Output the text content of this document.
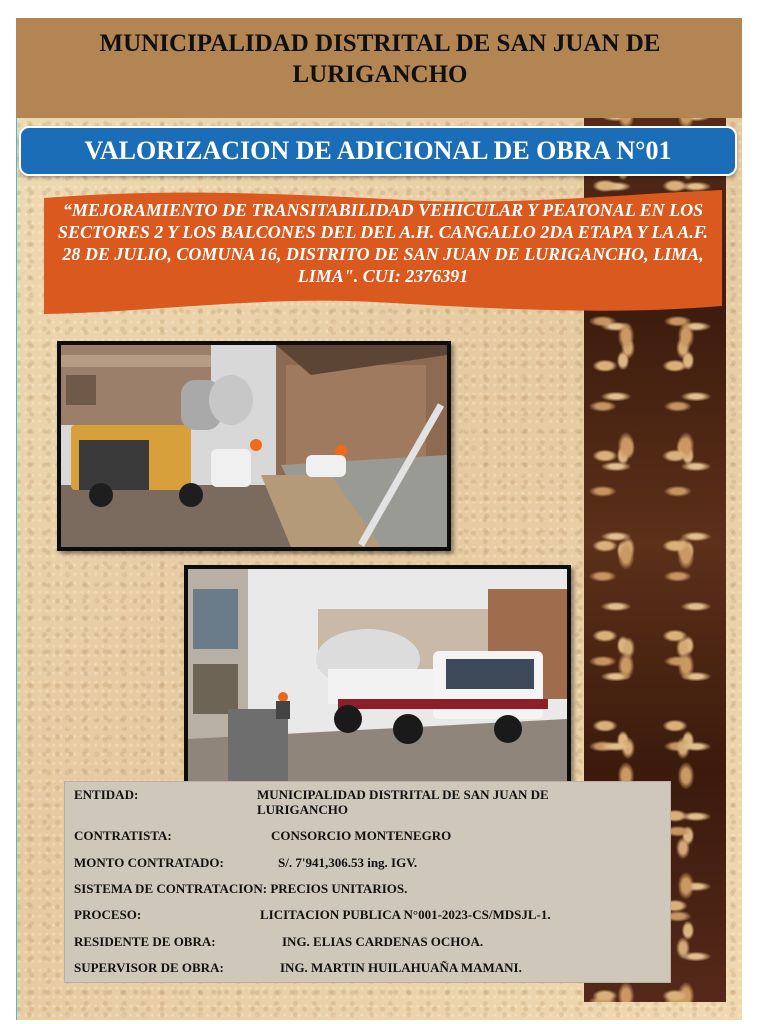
MUNICIPALIDAD DISTRITAL DE SAN JUAN DE LURIGANCHO
VALORIZACION DE ADICIONAL DE OBRA N°01
“MEJORAMIENTO DE TRANSITABILIDAD VEHICULAR Y PEATONAL EN LOS SECTORES 2 Y LOS BALCONES DEL DEL A.H. CANGALLO 2DA ETAPA Y LA A.F. 28 DE JULIO, COMUNA 16, DISTRITO DE SAN JUAN DE LURIGANCHO, LIMA, LIMA". CUI: 2376391
ENTIDAD:	MUNICIPALIDAD DISTRITAL DE SAN JUAN DE LURIGANCHO
CONTRATISTA:	CONSORCIO MONTENEGRO
MONTO CONTRATADO:	S/. 7'941,306.53 ing. IGV.
SISTEMA DE CONTRATACION: PRECIOS UNITARIOS.
PROCESO:	LICITACION PUBLICA N°001-2023-CS/MDSJL-1.
RESIDENTE DE OBRA:	ING. ELIAS CARDENAS OCHOA.
SUPERVISOR DE OBRA:	ING. MARTIN HUILAHUAÑA MAMANI.
